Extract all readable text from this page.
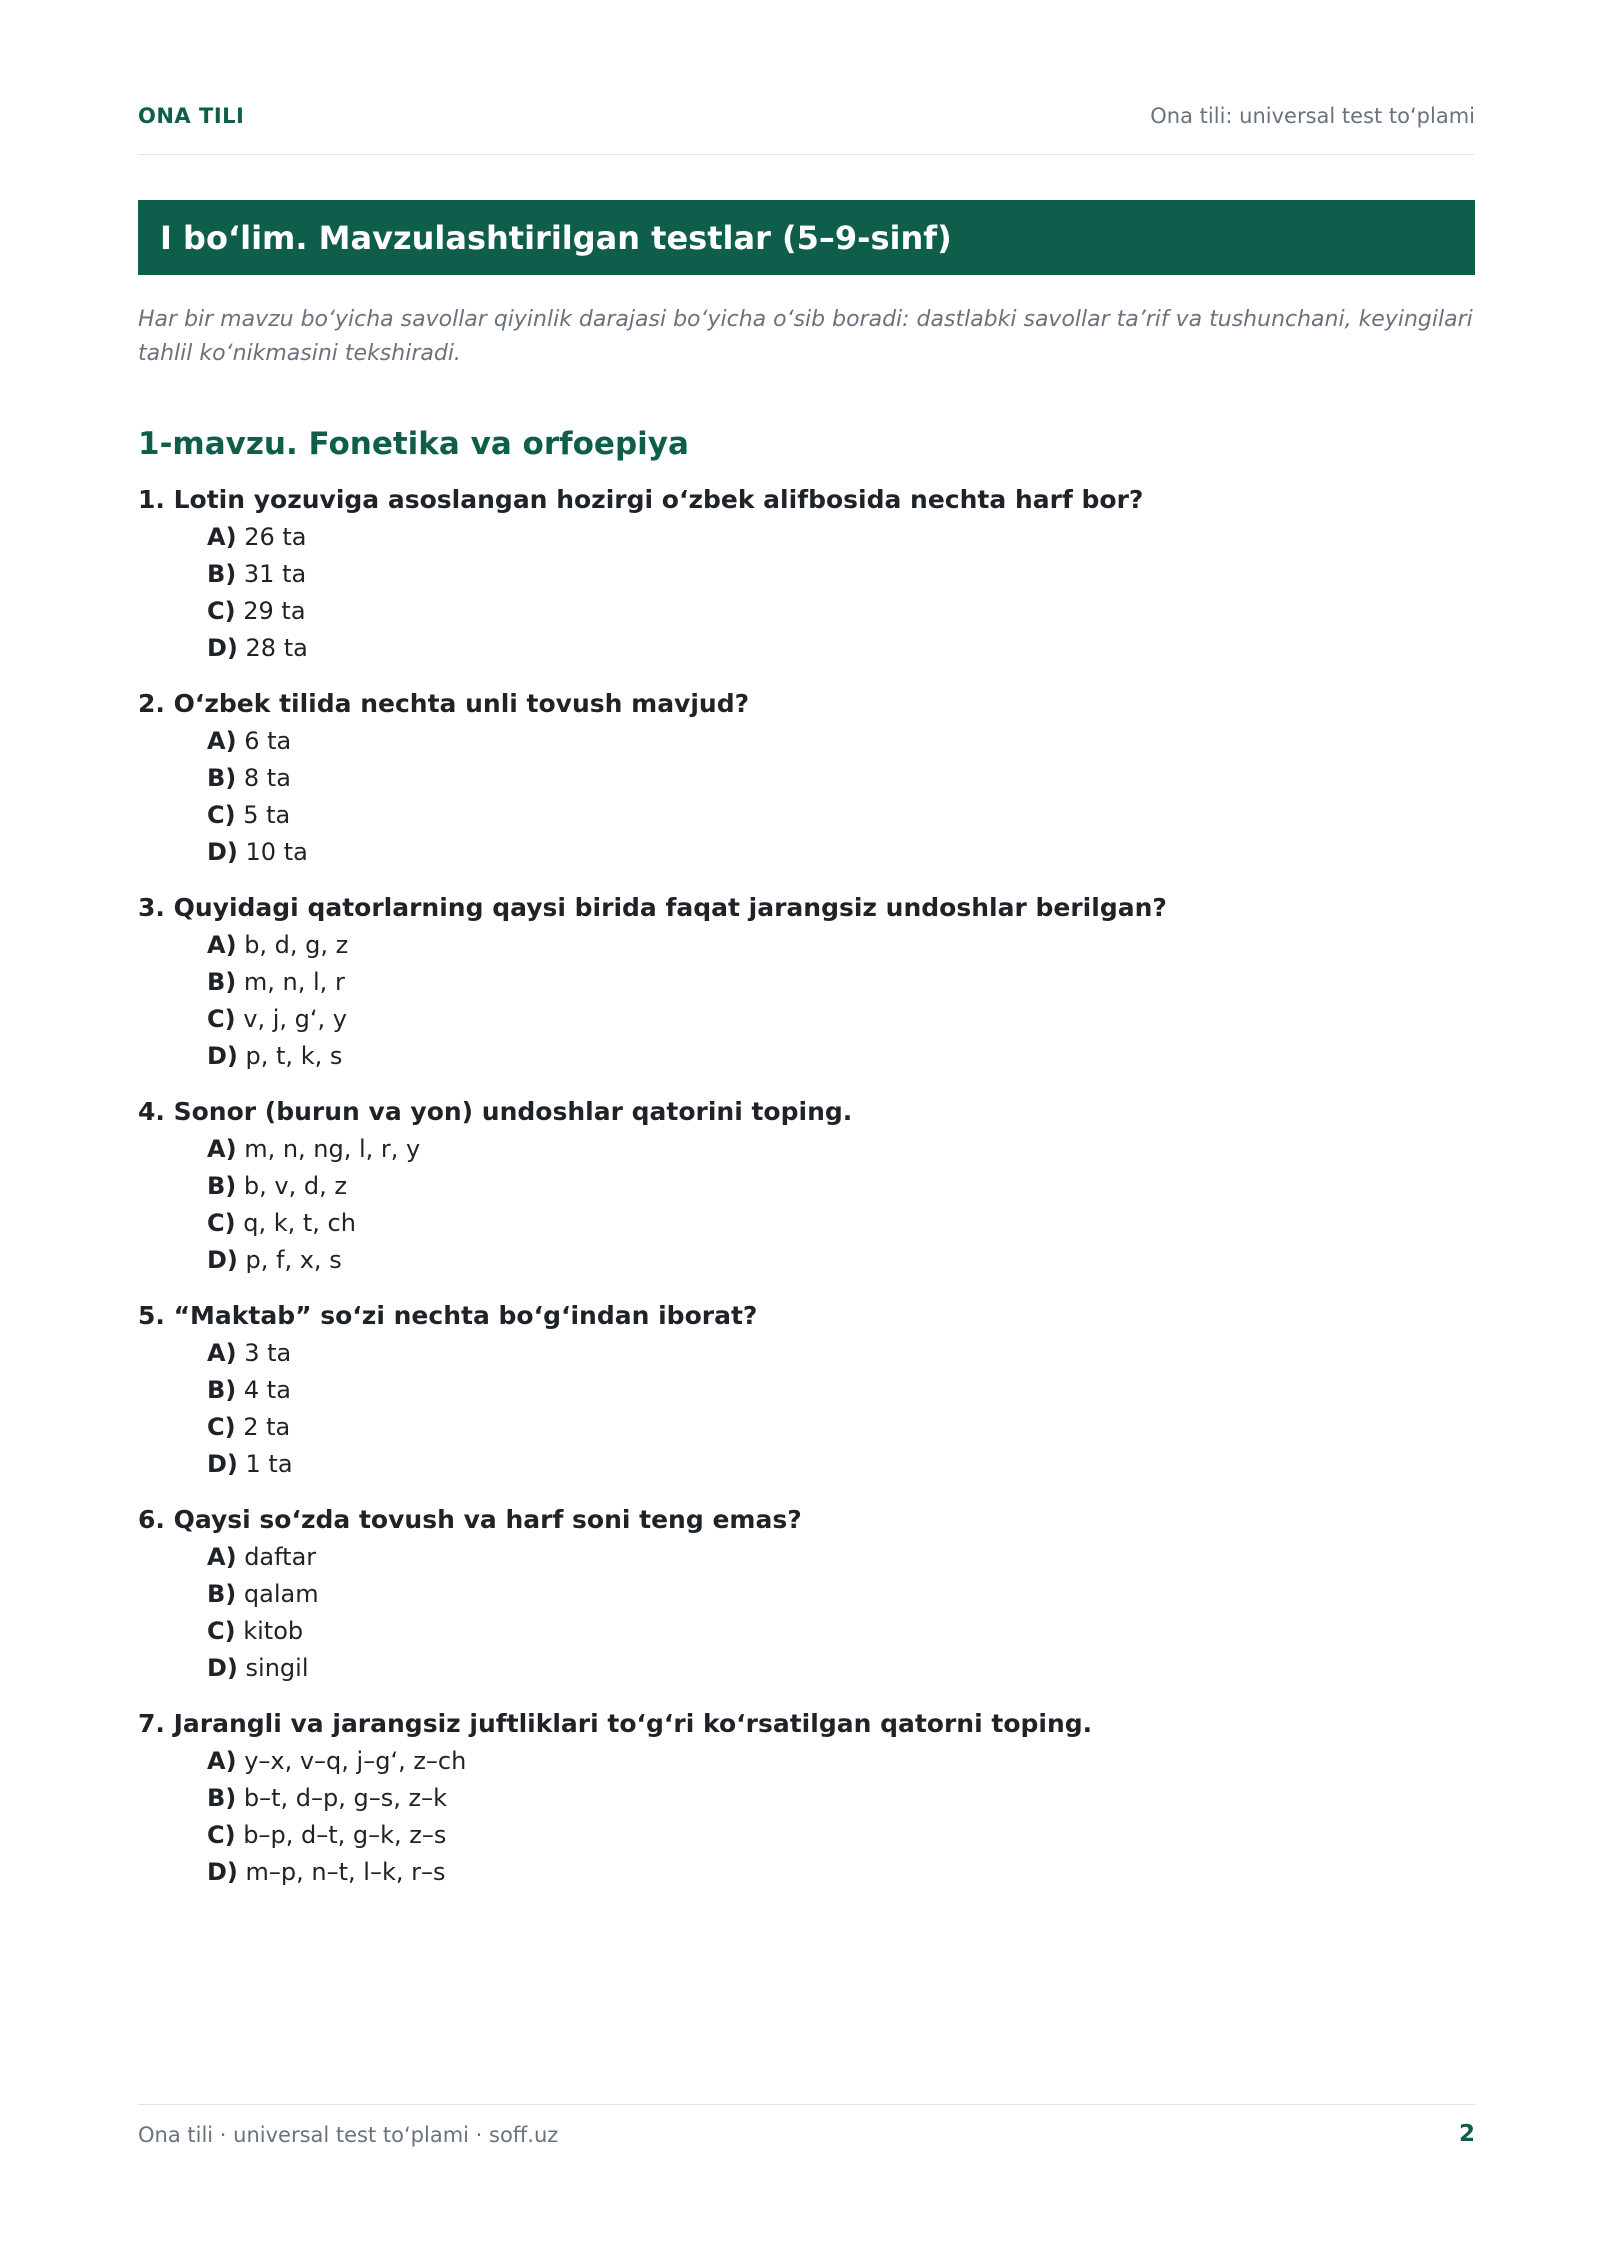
ONA TILI	Ona tili: universal test to‘plami
I bo‘lim. Mavzulashtirilgan testlar (5–9-sinf)
Har bir mavzu bo‘yicha savollar qiyinlik darajasi bo‘yicha o‘sib boradi: dastlabki savollar ta’rif va tushunchani, keyingilari tahlil ko‘nikmasini tekshiradi.
1-mavzu. Fonetika va orfoepiya
1. Lotin yozuviga asoslangan hozirgi o‘zbek alifbosida nechta harf bor?
A) 26 ta
B) 31 ta
C) 29 ta
D) 28 ta
2. O‘zbek tilida nechta unli tovush mavjud?
A) 6 ta
B) 8 ta
C) 5 ta
D) 10 ta
3. Quyidagi qatorlarning qaysi birida faqat jarangsiz undoshlar berilgan?
A) b, d, g, z
B) m, n, l, r
C) v, j, g‘, y
D) p, t, k, s
4. Sonor (burun va yon) undoshlar qatorini toping.
A) m, n, ng, l, r, y
B) b, v, d, z
C) q, k, t, ch
D) p, f, x, s
5. “Maktab” so‘zi nechta bo‘g‘indan iborat?
A) 3 ta
B) 4 ta
C) 2 ta
D) 1 ta
6. Qaysi so‘zda tovush va harf soni teng emas?
A) daftar
B) qalam
C) kitob
D) singil
7. Jarangli va jarangsiz juftliklari to‘g‘ri ko‘rsatilgan qatorni toping.
A) y–x, v–q, j–g‘, z–ch
B) b–t, d–p, g–s, z–k
C) b–p, d–t, g–k, z–s
D) m–p, n–t, l–k, r–s
Ona tili · universal test to‘plami · soff.uz	2
